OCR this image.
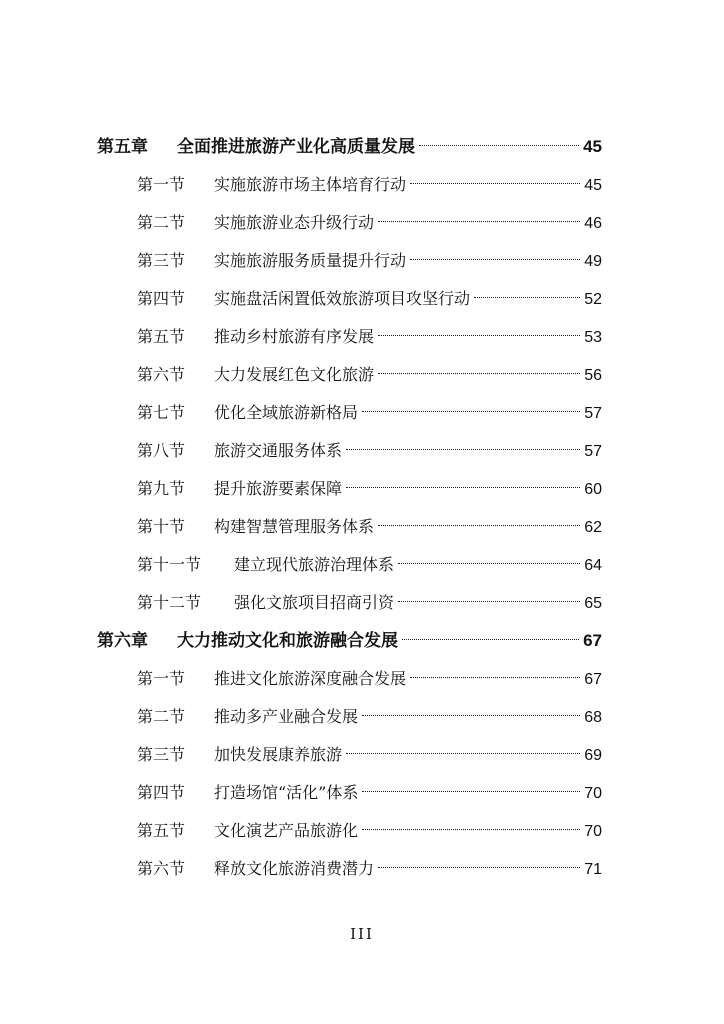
第五章	全面推进旅游产业化高质量发展	45
第一节	实施旅游市场主体培育行动	45
第二节	实施旅游业态升级行动	46
第三节	实施旅游服务质量提升行动	49
第四节	实施盘活闲置低效旅游项目攻坚行动	52
第五节	推动乡村旅游有序发展	53
第六节	大力发展红色文化旅游	56
第七节	优化全域旅游新格局	57
第八节	旅游交通服务体系	57
第九节	提升旅游要素保障	60
第十节	构建智慧管理服务体系	62
第十一节	建立现代旅游治理体系	64
第十二节	强化文旅项目招商引资	65
第六章	大力推动文化和旅游融合发展	67
第一节	推进文化旅游深度融合发展	67
第二节	推动多产业融合发展	68
第三节	加快发展康养旅游	69
第四节	打造场馆“活化”体系	70
第五节	文化演艺产品旅游化	70
第六节	释放文化旅游消费潜力	71
III
